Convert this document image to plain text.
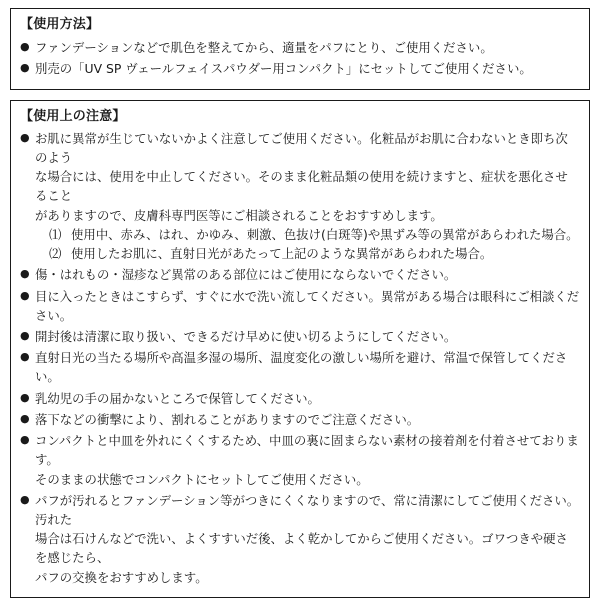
【使用方法】
● ファンデーションなどで肌色を整えてから、適量をパフにとり、ご使用ください。
● 別売の「UV SP ヴェールフェイスパウダー用コンパクト」にセットしてご使用ください。
【使用上の注意】
● お肌に異常が生じていないかよく注意してご使用ください。化粧品がお肌に合わないとき即ち次のよう
な場合には、使用を中止してください。そのまま化粧品類の使用を続けますと、症状を悪化させること
がありますので、皮膚科専門医等にご相談されることをおすすめします。
⑴ 使用中、赤み、はれ、かゆみ、刺激、色抜け(白斑等)や黒ずみ等の異常があらわれた場合。
⑵ 使用したお肌に、直射日光があたって上記のような異常があらわれた場合。
● 傷・はれもの・湿疹など異常のある部位にはご使用にならないでください。
● 目に入ったときはこすらず、すぐに水で洗い流してください。異常がある場合は眼科にご相談ください。
● 開封後は清潔に取り扱い、できるだけ早めに使い切るようにしてください。
● 直射日光の当たる場所や高温多湿の場所、温度変化の激しい場所を避け、常温で保管してください。
● 乳幼児の手の届かないところで保管してください。
● 落下などの衝撃により、割れることがありますのでご注意ください。
● コンパクトと中皿を外れにくくするため、中皿の裏に固まらない素材の接着剤を付着させております。
そのままの状態でコンパクトにセットしてご使用ください。
● パフが汚れるとファンデーション等がつきにくくなりますので、常に清潔にしてご使用ください。汚れた
場合は石けんなどで洗い、よくすすいだ後、よく乾かしてからご使用ください。ゴワつきや硬さを感じたら、
パフの交換をおすすめします。
